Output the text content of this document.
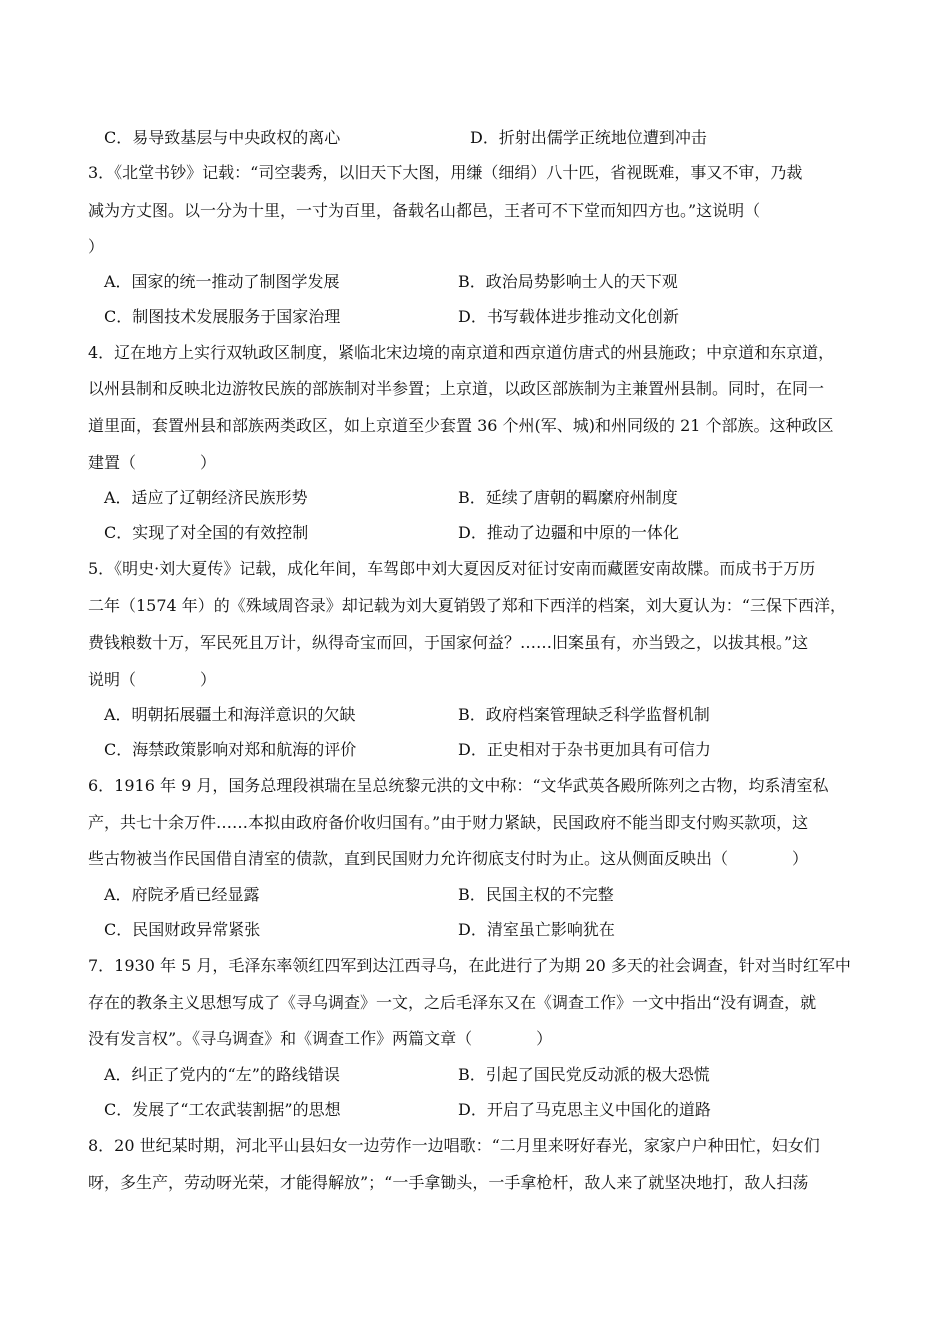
C．易导致基层与中央政权的离心	D．折射出儒学正统地位遭到冲击
3．《北堂书钞》记载：“司空裴秀，以旧天下大图，用缣（细绢）八十匹，省视既难，事又不审，乃裁
减为方丈图。以一分为十里，一寸为百里，备载名山都邑，王者可不下堂而知四方也。”这说明（
）
A．国家的统一推动了制图学发展	B．政治局势影响士人的天下观
C．制图技术发展服务于国家治理	D．书写载体进步推动文化创新
4．辽在地方上实行双轨政区制度，紧临北宋边境的南京道和西京道仿唐式的州县施政；中京道和东京道，
以州县制和反映北边游牧民族的部族制对半参置；上京道，以政区部族制为主兼置州县制。同时，在同一
道里面，套置州县和部族两类政区，如上京道至少套置 36 个州(军、城)和州同级的 21 个部族。这种政区
建置（　　　　）
A．适应了辽朝经济民族形势	B．延续了唐朝的羁縻府州制度
C．实现了对全国的有效控制	D．推动了边疆和中原的一体化
5．《明史·刘大夏传》记载，成化年间，车驾郎中刘大夏因反对征讨安南而藏匿安南故牒。而成书于万历
二年（1574 年）的《殊域周咨录》却记载为刘大夏销毁了郑和下西洋的档案，刘大夏认为：“三保下西洋，
费钱粮数十万，军民死且万计，纵得奇宝而回，于国家何益？……旧案虽有，亦当毁之，以拔其根。”这
说明（　　　　）
A．明朝拓展疆土和海洋意识的欠缺	B．政府档案管理缺乏科学监督机制
C．海禁政策影响对郑和航海的评价	D．正史相对于杂书更加具有可信力
6．1916 年 9 月，国务总理段祺瑞在呈总统黎元洪的文中称：“文华武英各殿所陈列之古物，均系清室私
产，共七十余万件……本拟由政府备价收归国有。”由于财力紧缺，民国政府不能当即支付购买款项，这
些古物被当作民国借自清室的债款，直到民国财力允许彻底支付时为止。这从侧面反映出（　　　　）
A．府院矛盾已经显露	B．民国主权的不完整
C．民国财政异常紧张	D．清室虽亡影响犹在
7．1930 年 5 月，毛泽东率领红四军到达江西寻乌，在此进行了为期 20 多天的社会调查，针对当时红军中
存在的教条主义思想写成了《寻乌调查》一文，之后毛泽东又在《调查工作》一文中指出“没有调查，就
没有发言权”。《寻乌调查》和《调查工作》两篇文章（　　　　）
A．纠正了党内的“左”的路线错误	B．引起了国民党反动派的极大恐慌
C．发展了“工农武装割据”的思想	D．开启了马克思主义中国化的道路
8．20 世纪某时期，河北平山县妇女一边劳作一边唱歌：“二月里来呀好春光，家家户户种田忙，妇女们
呀，多生产，劳动呀光荣，才能得解放”；“一手拿锄头，一手拿枪杆，敌人来了就坚决地打，敌人扫荡
